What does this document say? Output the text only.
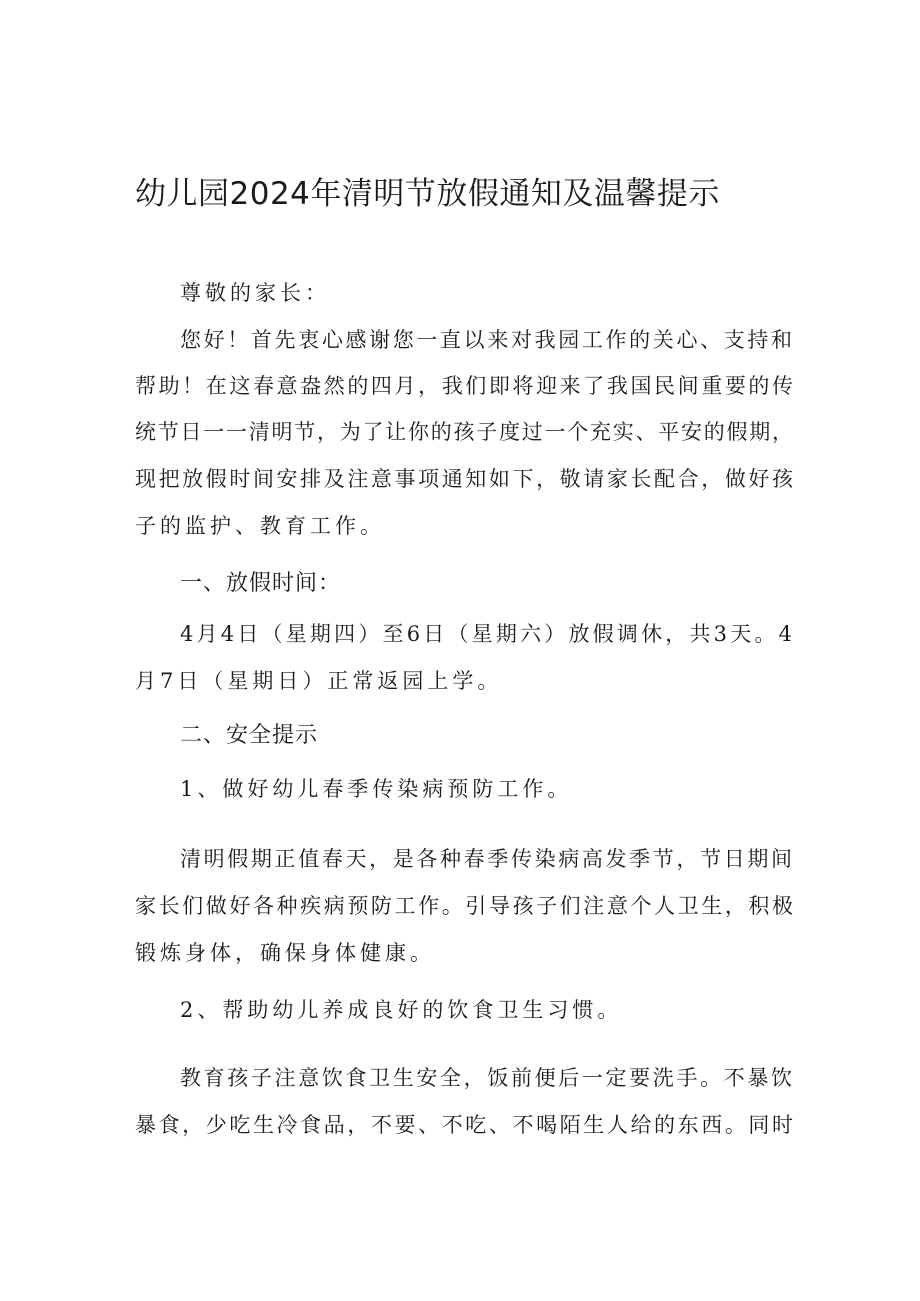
幼儿园2024年清明节放假通知及温馨提示

尊敬的家长：

您好！首先衷心感谢您一直以来对我园工作的关心、支持和

帮助！在这春意盎然的四月，我们即将迎来了我国民间重要的传

统节日一一清明节，为了让你的孩子度过一个充实、平安的假期，

现把放假时间安排及注意事项通知如下，敬请家长配合，做好孩

子的监护、教育工作。

一、放假时间：

4月4日（星期四）至6日（星期六）放假调休，共3天。4

月7日（星期日）正常返园上学。

二、安全提示

1、做好幼儿春季传染病预防工作。

清明假期正值春天，是各种春季传染病高发季节，节日期间

家长们做好各种疾病预防工作。引导孩子们注意个人卫生，积极

锻炼身体，确保身体健康。

2、帮助幼儿养成良好的饮食卫生习惯。

教育孩子注意饮食卫生安全，饭前便后一定要洗手。不暴饮

暴食，少吃生冷食品，不要、不吃、不喝陌生人给的东西。同时
